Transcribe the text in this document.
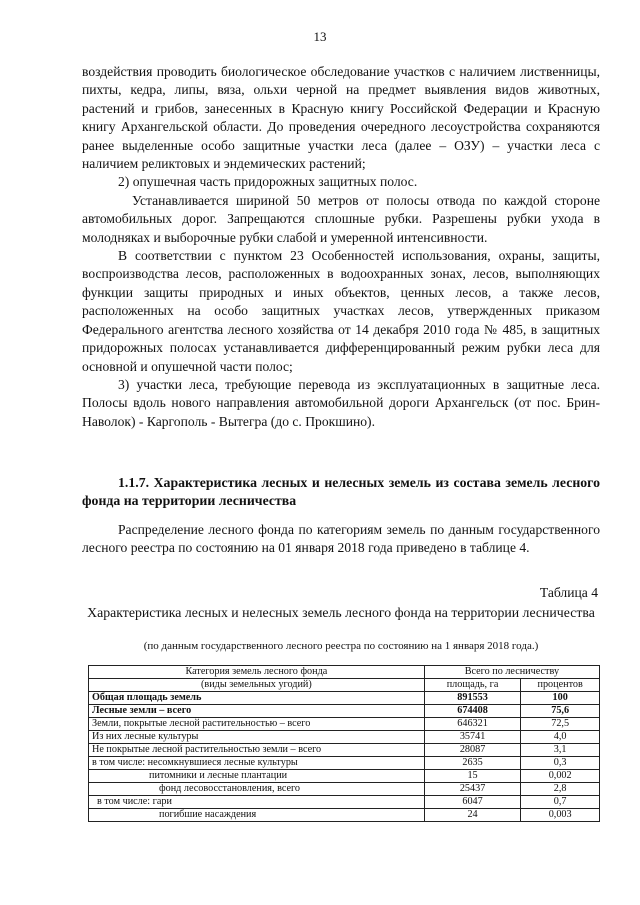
13

воздействия проводить биологическое обследование участков с наличием лиственницы, пихты, кедра, липы, вяза, ольхи черной на предмет выявления видов животных, растений и грибов, занесенных в Красную книгу Российской Федерации и Красную книгу Архангельской области. До проведения очередного лесоустройства сохраняются ранее выделенные особо защитные участки леса (далее – ОЗУ) – участки леса с наличием реликтовых и эндемических растений;

2) опушечная часть придорожных защитных полос.

Устанавливается шириной 50 метров от полосы отвода по каждой стороне автомобильных дорог. Запрещаются сплошные рубки. Разрешены рубки ухода в молодняках и выборочные рубки слабой и умеренной интенсивности.

В соответствии с пунктом 23 Особенностей использования, охраны, защиты, воспроизводства лесов, расположенных в водоохранных зонах, лесов, выполняющих функции защиты природных и иных объектов, ценных лесов, а также лесов, расположенных на особо защитных участках лесов, утвержденных приказом Федерального агентства лесного хозяйства от 14 декабря 2010 года № 485, в защитных придорожных полосах устанавливается дифференцированный режим рубки леса для основной и опушечной части полос;

3) участки леса, требующие перевода из эксплуатационных в защитные леса. Полосы вдоль нового направления автомобильной дороги Архангельск (от пос. Брин-Наволок) - Каргополь - Вытегра (до с. Прокшино).

1.1.7. Характеристика лесных и нелесных земель из состава земель лесного фонда на территории лесничества
Распределение лесного фонда по категориям земель по данным государственного лесного реестра по состоянию на 01 января 2018 года приведено в таблице 4.
Таблица 4
Характеристика лесных и нелесных земель лесного фонда на территории лесничества
(по данным государственного лесного реестра по состоянию на 1 января 2018 года.)
Категория земель лесного фонда	Всего по лесничеству	
(виды земельных угодий)	площадь, га	процентов
Общая площадь земель	891553	100
Лесные земли – всего	674408	75,6
Земли, покрытые лесной растительностью – всего	646321	72,5
Из них лесные культуры	35741	4,0
Не покрытые лесной растительностью земли – всего	28087	3,1
в том числе: несомкнувшиеся лесные культуры	2635	0,3
питомники и лесные плантации	15	0,002
фонд лесовосстановления, всего	25437	2,8
в том числе: гари	6047	0,7
погибшие насаждения	24	0,003
